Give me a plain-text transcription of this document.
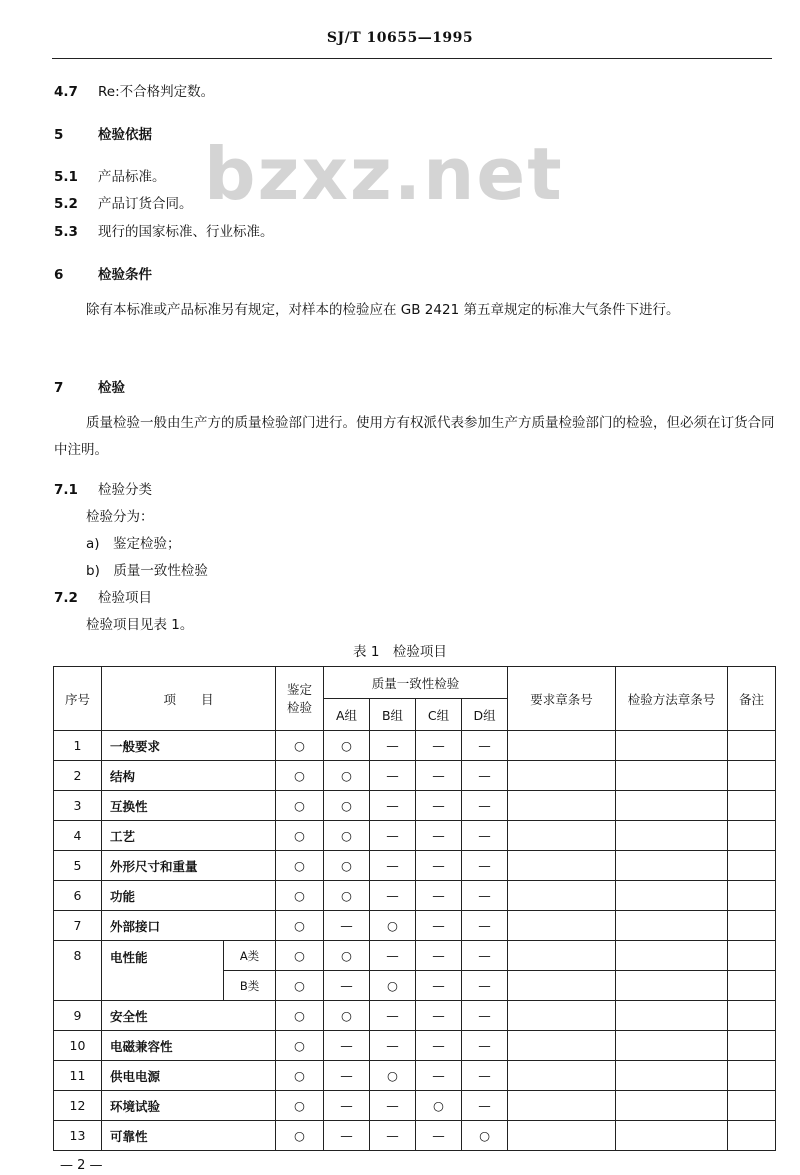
SJ/T 10655—1995
bzxz.net
4.7 Re:不合格判定数。
5	检验依据
5.1 产品标准。
5.2 产品订货合同。
5.3 现行的国家标准、行业标准。
6	检验条件
除有本标准或产品标准另有规定，对样本的检验应在 GB 2421 第五章规定的标准大气条件下进行。
7	检验
质量检验一般由生产方的质量检验部门进行。使用方有权派代表参加生产方质量检验部门的检验，但必须在订货合同中注明。
7.1 检验分类
检验分为：
a)　鉴定检验；
b)　质量一致性检验
7.2 检验项目
检验项目见表 1。
表 1　检验项目
序号	项　　目		鉴定检验	质量一致性检验				要求章条号	检验方法章条号	备注
				A组	B组	C组	D组			
1	一般要求		○	○	—	—	—			
2	结构		○	○	—	—	—			
3	互换性		○	○	—	—	—			
4	工艺		○	○	—	—	—			
5	外形尺寸和重量		○	○	—	—	—			
6	功能		○	○	—	—	—			
7	外部接口		○	—	○	—	—			
8	电性能	A类	○	○	—	—	—			
		B类	○	—	○	—	—			
9	安全性		○	○	—	—	—			
10	电磁兼容性		○	—	—	—	—			
11	供电电源		○	—	○	—	—			
12	环境试验		○	—	—	○	—			
13	可靠性		○	—	—	—	○			
— 2 —
